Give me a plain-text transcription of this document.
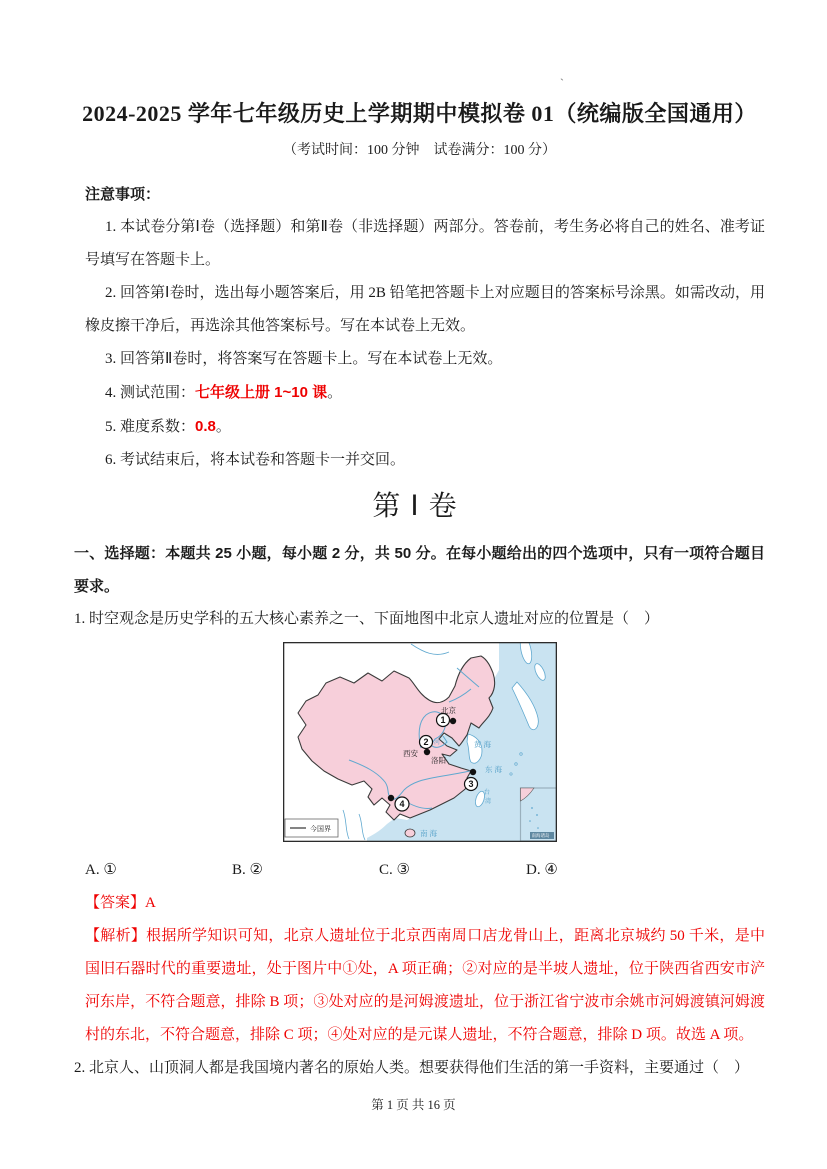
`
2024-2025 学年七年级历史上学期期中模拟卷 01（统编版全国通用）
（考试时间：100 分钟　试卷满分：100 分）
注意事项：

1. 本试卷分第Ⅰ卷（选择题）和第Ⅱ卷（非选择题）两部分。答卷前，考生务必将自己的姓名、准考证号填写在答题卡上。

2. 回答第Ⅰ卷时，选出每小题答案后，用 2B 铅笔把答题卡上对应题目的答案标号涂黑。如需改动，用橡皮擦干净后，再选涂其他答案标号。写在本试卷上无效。

3. 回答第Ⅱ卷时，将答案写在答题卡上。写在本试卷上无效。

4. 测试范围：七年级上册 1~10 课。

5. 难度系数：0.8。

6. 考试结束后，将本试卷和答题卡一并交回。

第Ⅰ卷

一、选择题：本题共 25 小题，每小题 2 分，共 50 分。在每小题给出的四个选项中，只有一项符合题目要求。

1. 时空观念是历史学科的五大核心素养之一、下面地图中北京人遗址对应的位置是（　）

1
2
3
4
北京
西安
洛阳
河	黄海
东海
南海
台
湾
今国界
南海诸岛
A. ①	B. ②	C. ③	D. ④

【答案】A

【解析】根据所学知识可知，北京人遗址位于北京西南周口店龙骨山上，距离北京城约 50 千米，是中国旧石器时代的重要遗址，处于图片中①处，A 项正确；②对应的是半坡人遗址，位于陕西省西安市浐河东岸，不符合题意，排除 B 项；③处对应的是河姆渡遗址，位于浙江省宁波市余姚市河姆渡镇河姆渡村的东北，不符合题意，排除 C 项；④处对应的是元谋人遗址，不符合题意，排除 D 项。故选 A 项。

2. 北京人、山顶洞人都是我国境内著名的原始人类。想要获得他们生活的第一手资料，主要通过（　）

第 1 页 共 16 页
